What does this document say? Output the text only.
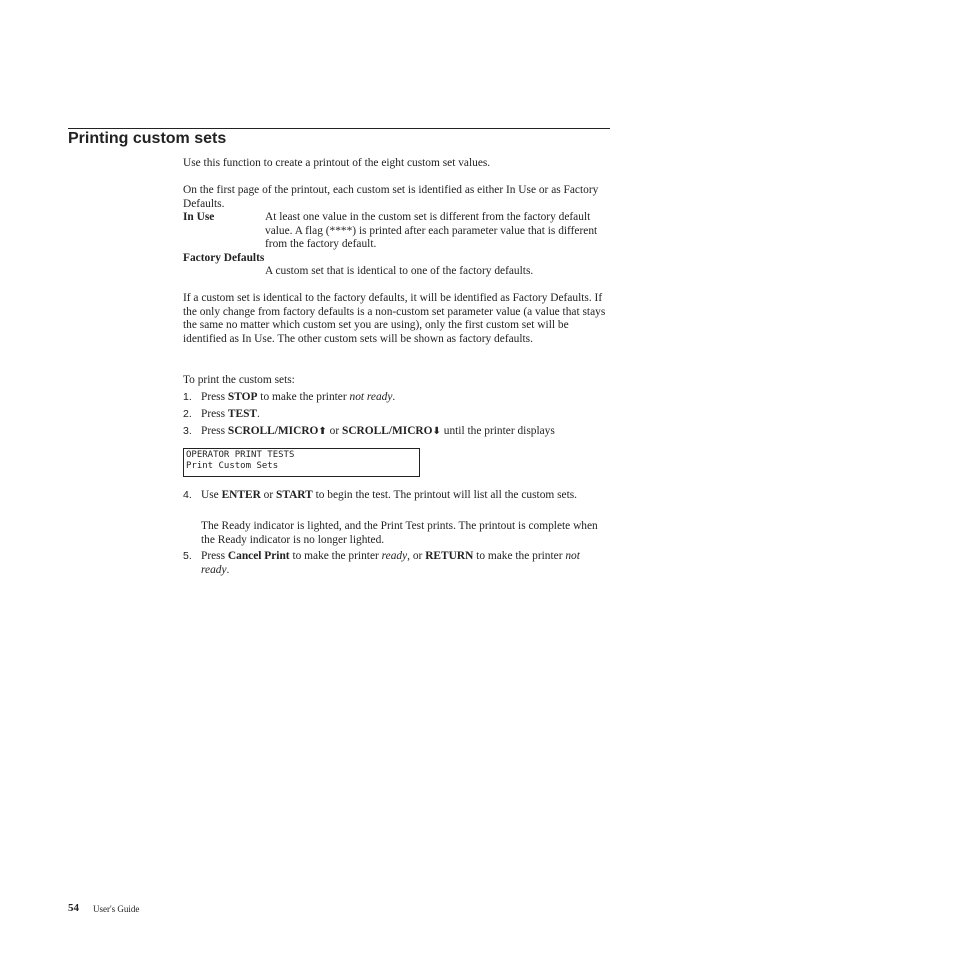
Printing custom sets
Use this function to create a printout of the eight custom set values.
On the first page of the printout, each custom set is identified as either In Use or as Factory Defaults.
In Use	At least one value in the custom set is different from the factory default value. A flag (****) is printed after each parameter value that is different from the factory default.
Factory Defaults
A custom set that is identical to one of the factory defaults.
If a custom set is identical to the factory defaults, it will be identified as Factory Defaults. If the only change from factory defaults is a non-custom set parameter value (a value that stays the same no matter which custom set you are using), only the first custom set will be identified as In Use. The other custom sets will be shown as factory defaults.
To print the custom sets:
1. Press STOP to make the printer not ready.
2. Press TEST.
3. Press SCROLL/MICRO⬆ or SCROLL/MICRO⬇ until the printer displays
OPERATOR PRINT TESTS
Print Custom Sets
4. Use ENTER or START to begin the test. The printout will list all the custom sets.
The Ready indicator is lighted, and the Print Test prints. The printout is complete when the Ready indicator is no longer lighted.
5. Press Cancel Print to make the printer ready, or RETURN to make the printer not ready.
54 User's Guide
